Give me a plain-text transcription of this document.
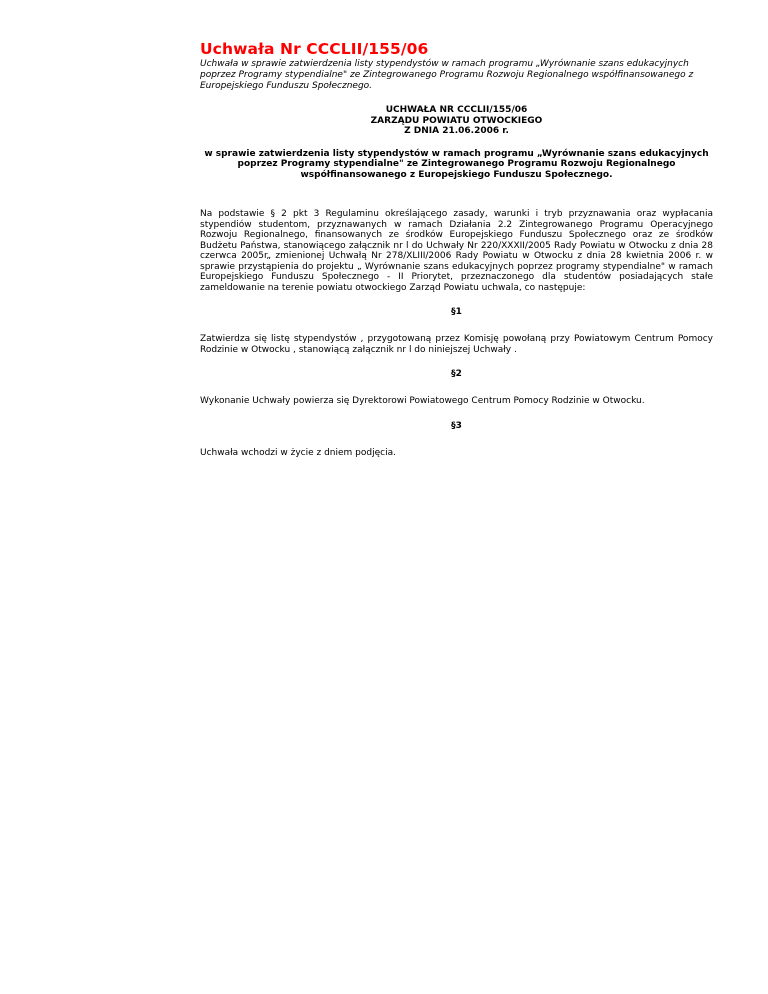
Uchwała Nr CCCLII/155/06

Uchwała w sprawie zatwierdzenia listy stypendystów w ramach programu „Wyrównanie szans edukacyjnych poprzez Programy stypendialne" ze Zintegrowanego Programu Rozwoju Regionalnego współfinansowanego z Europejskiego Funduszu Społecznego.

UCHWAŁA NR CCCLII/155/06
ZARZĄDU POWIATU OTWOCKIEGO
Z DNIA 21.06.2006 r.

w sprawie zatwierdzenia listy stypendystów w ramach programu „Wyrównanie szans edukacyjnych poprzez Programy stypendialne" ze Zintegrowanego Programu Rozwoju Regionalnego współfinansowanego z Europejskiego Funduszu Społecznego.

Na podstawie § 2 pkt 3 Regulaminu określającego zasady, warunki i tryb przyznawania oraz wypłacania stypendiów studentom, przyznawanych w ramach Działania 2.2 Zintegrowanego Programu Operacyjnego Rozwoju Regionalnego, finansowanych ze środków Europejskiego Funduszu Społecznego oraz ze środków Budżetu Państwa, stanowiącego załącznik nr l do Uchwały Nr 220/XXXII/2005 Rady Powiatu w Otwocku z dnia 28 czerwca 2005r„ zmienionej Uchwałą Nr 278/XLIII/2006 Rady Powiatu w Otwocku z dnia 28 kwietnia 2006 r. w sprawie przystąpienia do projektu „ Wyrównanie szans edukacyjnych poprzez programy stypendialne" w ramach Europejskiego Funduszu Społecznego - II Priorytet, przeznaczonego dla studentów posiadających stałe zameldowanie na terenie powiatu otwockiego Zarząd Powiatu uchwala, co następuje:

§1

Zatwierdza się listę stypendystów , przygotowaną przez Komisję powołaną przy Powiatowym Centrum Pomocy Rodzinie w Otwocku , stanowiącą załącznik nr l do niniejszej Uchwały .

§2

Wykonanie Uchwały powierza się Dyrektorowi Powiatowego Centrum Pomocy Rodzinie w Otwocku.

§3

Uchwała wchodzi w życie z dniem podjęcia.
